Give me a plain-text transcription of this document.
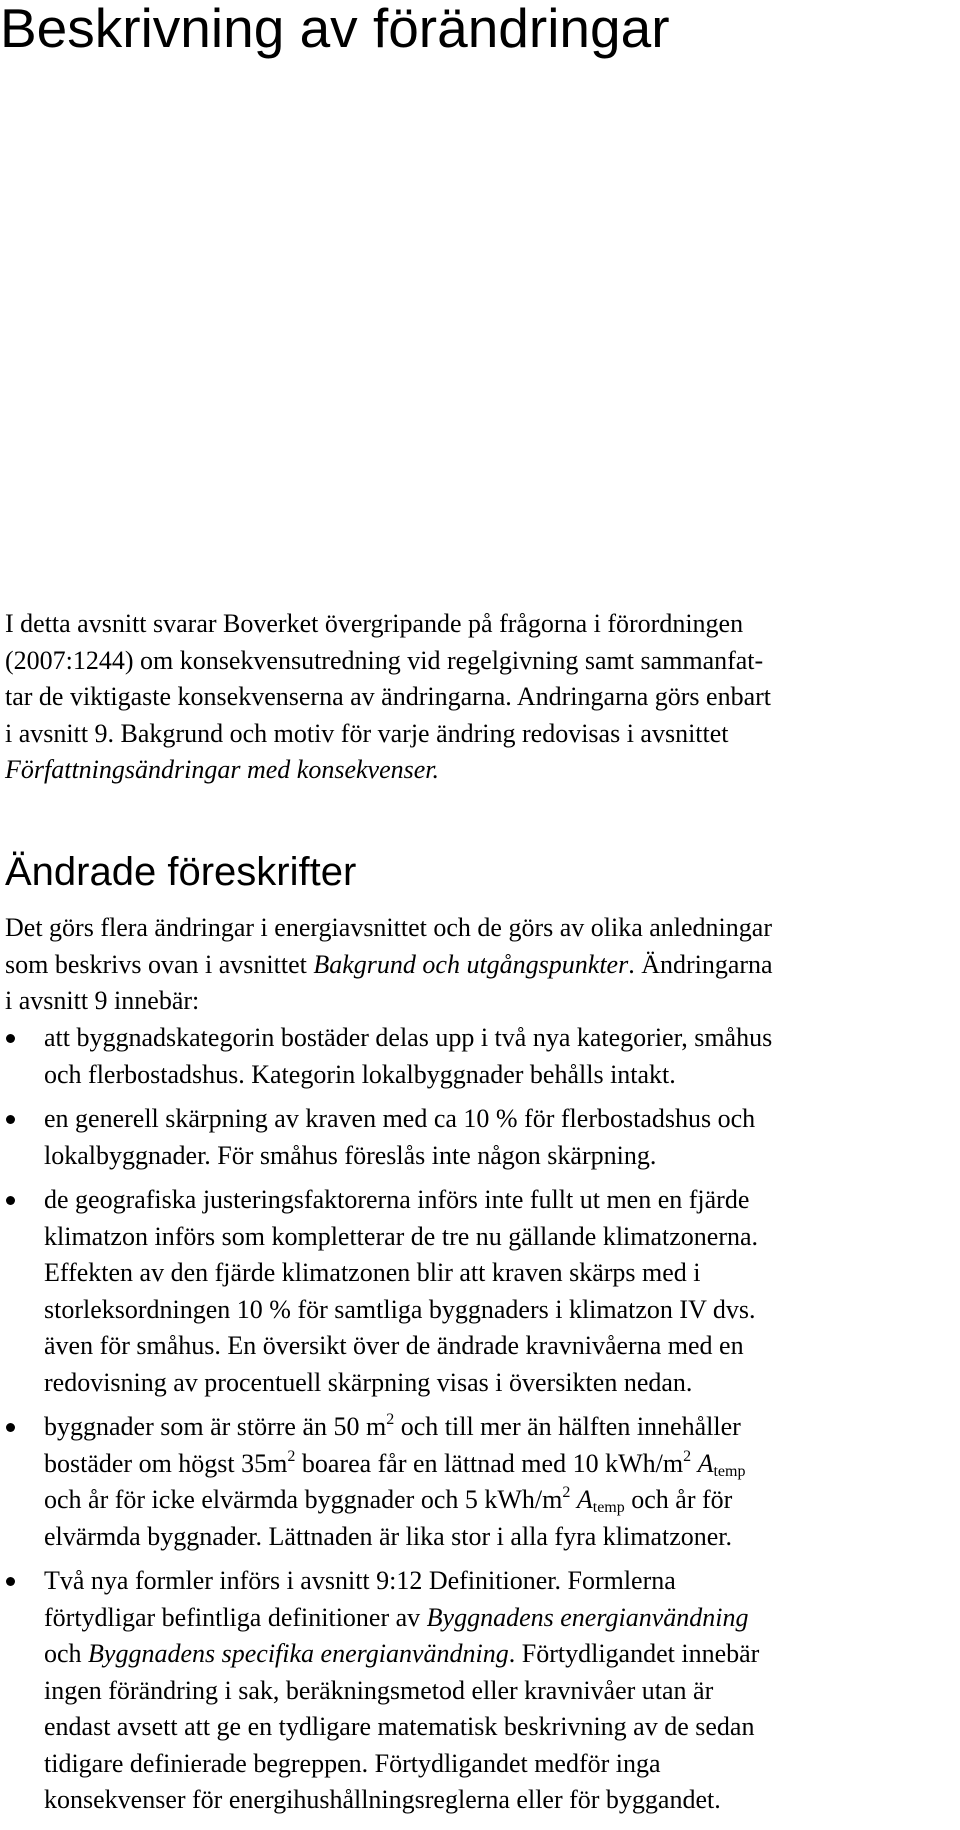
Beskrivning av förändringar
I detta avsnitt svarar Boverket övergripande på frågorna i förordningen
(2007:1244) om konsekvensutredning vid regelgivning samt sammanfat-
tar de viktigaste konsekvenserna av ändringarna. Andringarna görs enbart
i avsnitt 9. Bakgrund och motiv för varje ändring redovisas i avsnittet
Författningsändringar med konsekvenser.
Ändrade föreskrifter
Det görs flera ändringar i energiavsnittet och de görs av olika anledningar
som beskrivs ovan i avsnittet Bakgrund och utgångspunkter. Ändringarna
i avsnitt 9 innebär:
att byggnadskategorin bostäder delas upp i två nya kategorier, småhus
och flerbostadshus. Kategorin lokalbyggnader behålls intakt.
en generell skärpning av kraven med ca 10 % för flerbostadshus och
lokalbyggnader. För småhus föreslås inte någon skärpning.
de geografiska justeringsfaktorerna införs inte fullt ut men en fjärde
klimatzon införs som kompletterar de tre nu gällande klimatzonerna.
Effekten av den fjärde klimatzonen blir att kraven skärps med i
storleksordningen 10 % för samtliga byggnaders i klimatzon IV dvs.
även för småhus. En översikt över de ändrade kravnivåerna med en
redovisning av procentuell skärpning visas i översikten nedan.
byggnader som är större än 50 $m^2$ och till mer än hälften innehåller
bostäder om högst $35m^2$ boarea får en lättnad med 10 kWh/$m^2$ $A_{temp}$
och år för icke elvärmda byggnader och 5 kWh/$m^2$ $A_{temp}$ och år för
elvärmda byggnader. Lättnaden är lika stor i alla fyra klimatzoner.
Två nya formler införs i avsnitt 9:12 Definitioner. Formlerna
förtydligar befintliga definitioner av Byggnadens energianvändning
och Byggnadens specifika energianvändning. Förtydligandet innebär
ingen förändring i sak, beräkningsmetod eller kravnivåer utan är
endast avsett att ge en tydligare matematisk beskrivning av de sedan
tidigare definierade begreppen. Förtydligandet medför inga
konsekvenser för energihushållningsreglerna eller för byggandet.
